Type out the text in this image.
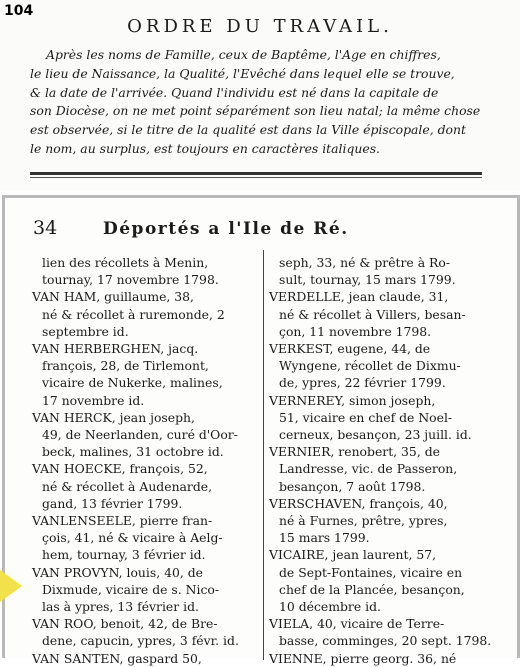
ORDRE DU TRAVAIL.
Après les noms de Famille, ceux de Baptême, l'Age en chiffres,
le lieu de Naissance, la Qualité, l'Evêché dans lequel elle se trouve,
& la date de l'arrivée. Quand l'individu est né dans la capitale de
son Diocèse, on ne met point séparément son lieu natal; la même chose
est observée, si le titre de la qualité est dans la Ville épiscopale, dont
le nom, au surplus, est toujours en caractères italiques.
104
34	Déportés a l'Ile de Ré.
lien des récollets à Menin,
tournay, 17 novembre 1798.
VAN HAM, guillaume, 38,
né & récollet à ruremonde, 2
septembre id.
VAN HERBERGHEN, jacq.
françois, 28, de Tirlemont,
vicaire de Nukerke, malines,
17 novembre id.
VAN HERCK, jean joseph,
49, de Neerlanden, curé d'Oor-
beck, malines, 31 octobre id.
VAN HOECKE, françois, 52,
né & récollet à Audenarde,
gand, 13 février 1799.
VANLENSEELE, pierre fran-
çois, 41, né & vicaire à Aelg-
hem, tournay, 3 février id.
VAN PROVYN, louis, 40, de
Dixmude, vicaire de s. Nico-
las à ypres, 13 février id.
VAN ROO, benoit, 42, de Bre-
dene, capucin, ypres, 3 févr. id.
VAN SANTEN, gaspard 50,
seph, 33, né & prêtre à Ro-
sult, tournay, 15 mars 1799.
VERDELLE, jean claude, 31,
né & récollet à Villers, besan-
çon, 11 novembre 1798.
VERKEST, eugene, 44, de
Wyngene, récollet de Dixmu-
de, ypres, 22 février 1799.
VERNEREY, simon joseph,
51, vicaire en chef de Noel-
cerneux, besançon, 23 juill. id.
VERNIER, renobert, 35, de
Landresse, vic. de Passeron,
besançon, 7 août 1798.
VERSCHAVEN, françois, 40,
né à Furnes, prêtre, ypres,
15 mars 1799.
VICAIRE, jean laurent, 57,
de Sept-Fontaines, vicaire en
chef de la Plancée, besançon,
10 décembre id.
VIELA, 40, vicaire de Terre-
basse, comminges, 20 sept. 1798.
VIENNE, pierre georg. 36, né
